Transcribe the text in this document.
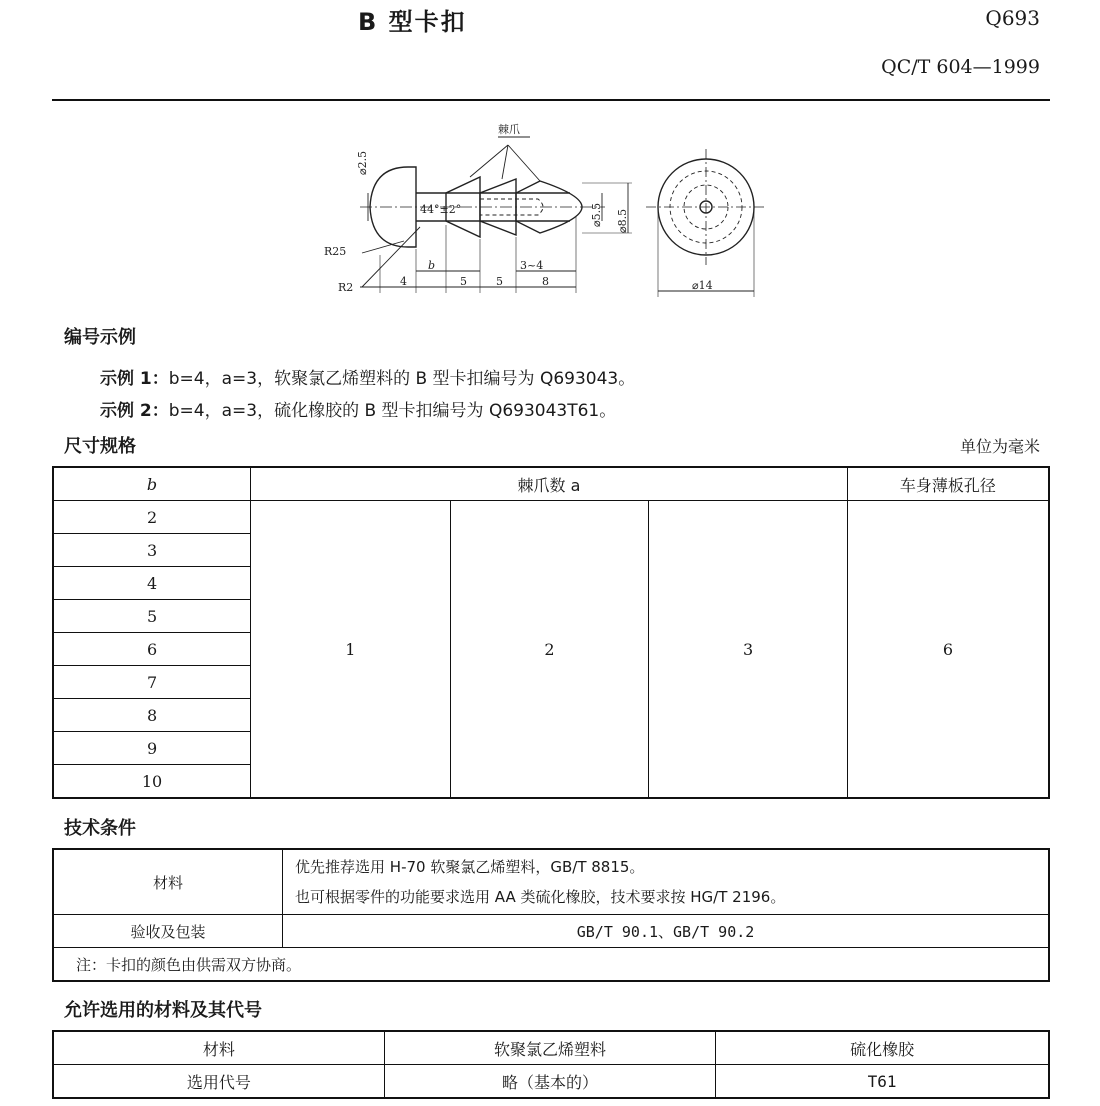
B 型卡扣	Q693
QC/T 604—1999
棘爪
⌀2.5
44°±2°	⌀5.5 ⌀8.5
R25
R2
b	3~4
4	5	5	8	⌀14
编号示例
示例 1：b=4，a=3，软聚氯乙烯塑料的 B 型卡扣编号为 Q693043。
示例 2：b=4，a=3，硫化橡胶的 B 型卡扣编号为 Q693043T61。
尺寸规格	单位为毫米
b	棘爪数 a			车身薄板孔径
2	1	2	3	6
3				
4				
5				
6				
7				
8				
9				
10				
技术条件
材料	优先推荐选用 H-70 软聚氯乙烯塑料，GB/T 8815。
也可根据零件的功能要求选用 AA 类硫化橡胶，技术要求按 HG/T 2196。

验收及包装	GB/T 90.1、GB/T 90.2
注：卡扣的颜色由供需双方协商。	
允许选用的材料及其代号
材料	软聚氯乙烯塑料	硫化橡胶
选用代号	略（基本的）	T61
